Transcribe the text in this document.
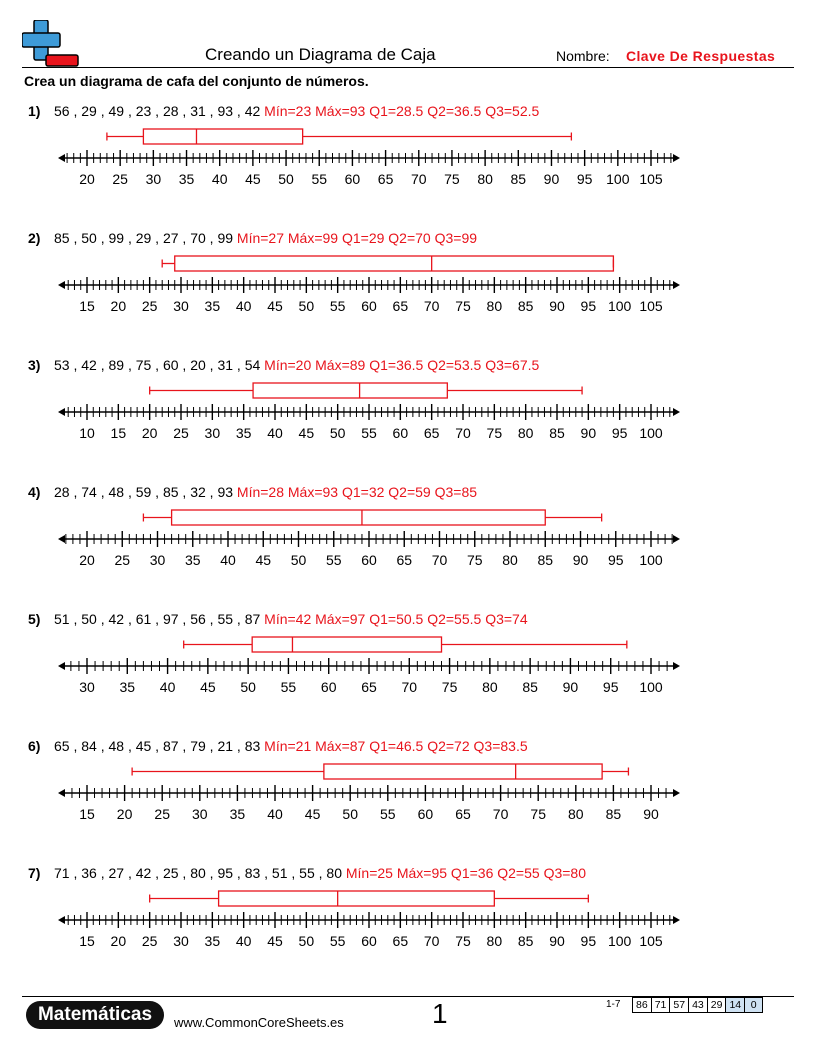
Creando un Diagrama de Caja	Nombre: Clave De Respuestas
Crea un diagrama de cafa del conjunto de números.
1) 56 , 29 , 49 , 23 , 28 , 31 , 93 , 42 Mín=23 Máx=93 Q1=28.5 Q2=36.5 Q3=52.5
20 25 30 35 40 45 50 55 60 65 70 75 80 85 90 95 100 105
2) 85 , 50 , 99 , 29 , 27 , 70 , 99 Mín=27 Máx=99 Q1=29 Q2=70 Q3=99
15 20 25 30 35 40 45 50 55 60 65 70 75 80 85 90 95 100 105
3) 53 , 42 , 89 , 75 , 60 , 20 , 31 , 54 Mín=20 Máx=89 Q1=36.5 Q2=53.5 Q3=67.5
10 15 20 25 30 35 40 45 50 55 60 65 70 75 80 85 90 95 100
4) 28 , 74 , 48 , 59 , 85 , 32 , 93 Mín=28 Máx=93 Q1=32 Q2=59 Q3=85
20 25 30 35 40 45 50 55 60 65 70 75 80 85 90 95 100
5) 51 , 50 , 42 , 61 , 97 , 56 , 55 , 87 Mín=42 Máx=97 Q1=50.5 Q2=55.5 Q3=74
30 35 40 45 50 55 60 65 70 75 80 85 90 95 100
6) 65 , 84 , 48 , 45 , 87 , 79 , 21 , 83 Mín=21 Máx=87 Q1=46.5 Q2=72 Q3=83.5
15 20 25 30 35 40 45 50 55 60 65 70 75 80 85 90
7) 71 , 36 , 27 , 42 , 25 , 80 , 95 , 83 , 51 , 55 , 80 Mín=25 Máx=95 Q1=36 Q2=55 Q3=80
15 20 25 30 35 40 45 50 55 60 65 70 75 80 85 90 95 100 105
Matemáticas	www.CommonCoreSheets.es	1	1-7 86 71 57 43 29 14 0
